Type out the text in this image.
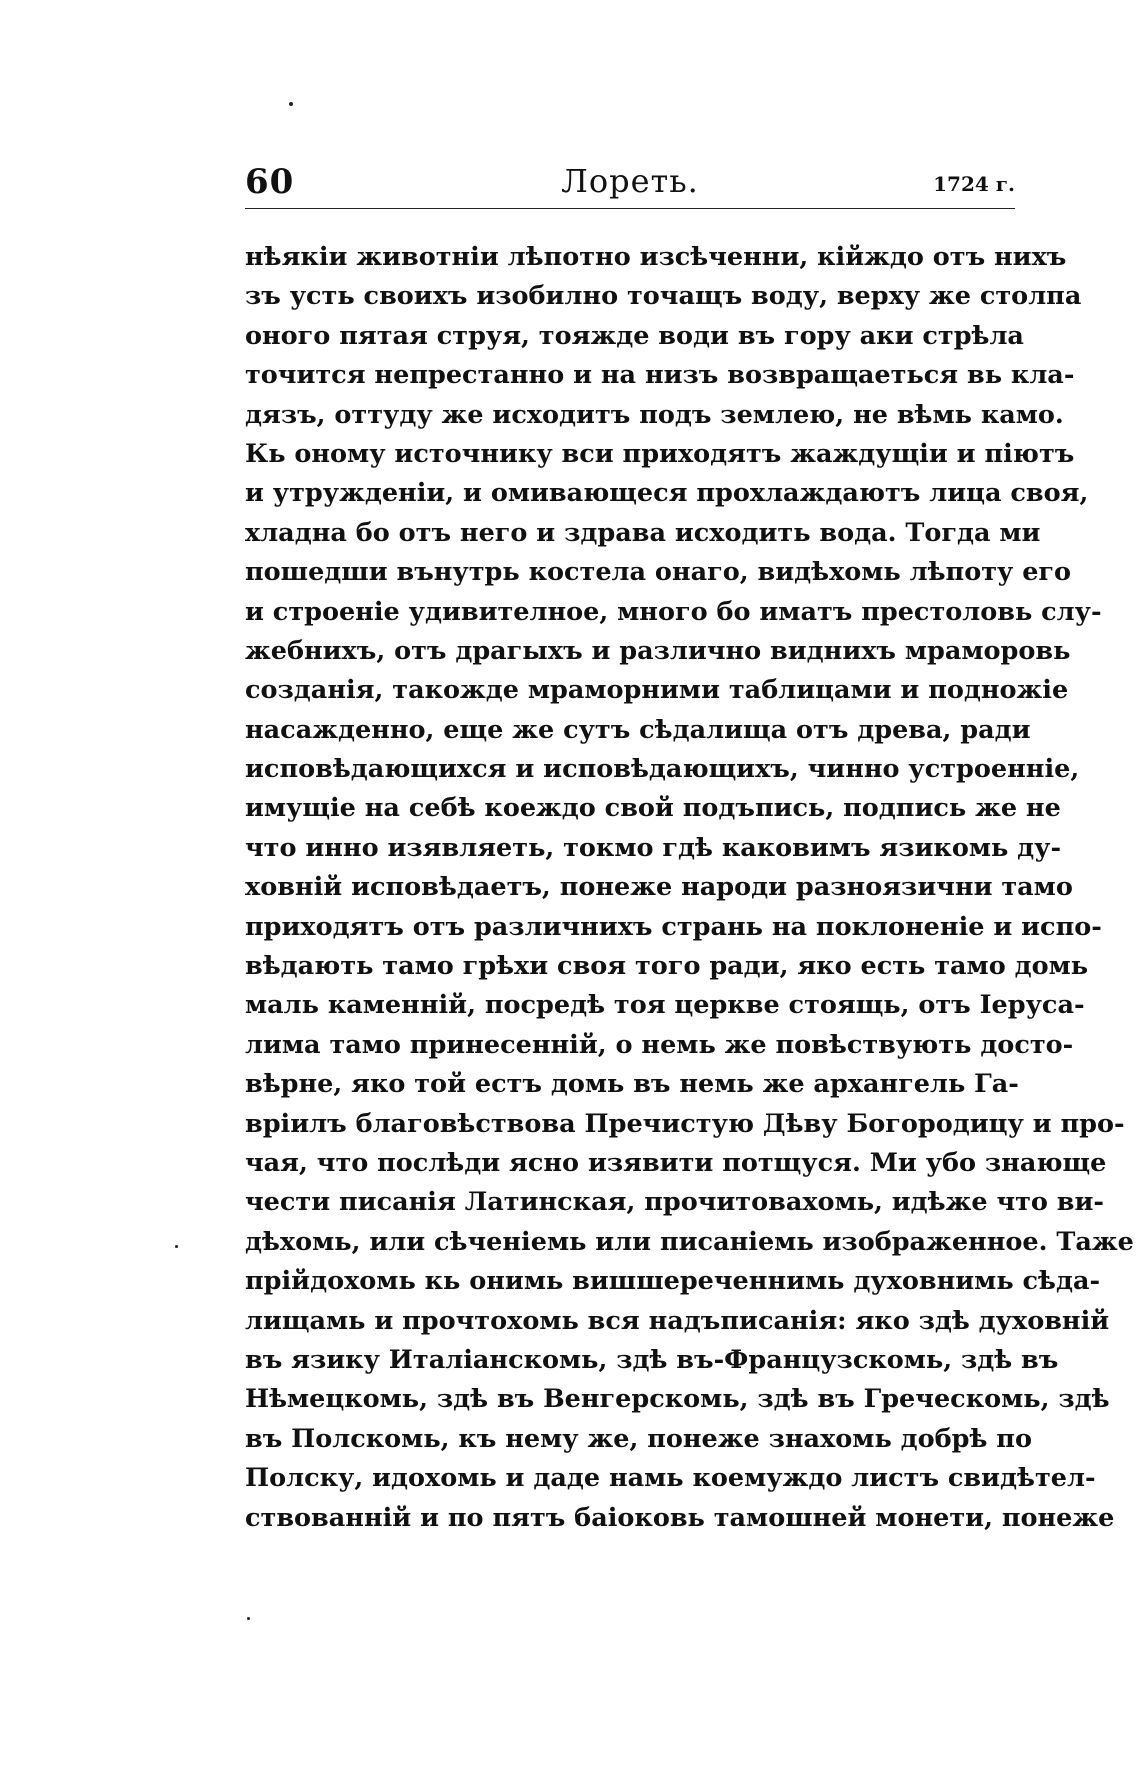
60	Лореть.	1724 г.
нѣякіи животніи лѣпотно изсѣченни, кійждо отъ нихъ
зъ усть своихъ изобилно точащъ воду, верху же столпа
оного пятая струя, тояжде води въ гору аки стрѣла
точится непрестанно и на низъ возвращаеться вь кла-
дязъ, оттуду же исходитъ подъ землею, не вѣмь камо.
Кь оному источнику вси приходятъ жаждущіи и піютъ
и утружденіи, и омивающеся прохлаждаютъ лица своя,
хладна бо отъ него и здрава исходить вода. Тогда ми
пошедши вънутрь костела онаго, видѣхомь лѣпоту его
и строеніе удивителное, много бо иматъ престоловь слу-
жебнихъ, отъ драгыхъ и различно виднихъ мраморовь
созданія, такожде мраморними таблицами и подножіе
насажденно, еще же сутъ сѣдалища отъ древа, ради
исповѣдающихся и исповѣдающихъ, чинно устроенніе,
имущіе на себѣ коеждо свой подъпись, подпись же не
что инно изявляеть, токмо гдѣ каковимъ язикомь ду-
ховній исповѣдаетъ, понеже народи разноязични тамо
приходятъ отъ различнихъ странь на поклоненіе и испо-
вѣдають тамо грѣхи своя того ради, яко есть тамо домь
маль каменній, посредѣ тоя церкве стоящь, отъ Іерусa-
лима тамо принесенній, о немь же повѣствують достo-
вѣрне, яко той естъ домь въ немь же архангель Га-
вріилъ благовѣствова Пречистую Дѣву Богородицу и про-
чая, что послѣди ясно изявити потщуся. Ми убо знающе
чести писанія Латинская, прочитовахомь, идѣже что ви-
дѣхомь, или сѣченіемь или писаніемь изображенное. Таже
прійдохомь кь онимь вишшереченнимь духовнимь сѣда-
лищамь и прочтохомь вся надъписанія: яко здѣ духовній
въ язику Италіанскомь, здѣ въ-Французскомь, здѣ въ
Нѣмецкомь, здѣ въ Венгерскомь, здѣ въ Греческомь, здѣ
въ Полскомь, къ нему же, понеже знахомь добрѣ по
Полску, идохомь и даде намь коемуждо листъ свидѣтел-
ствованній и по пятъ баіоковь тамошней монети, понеже
